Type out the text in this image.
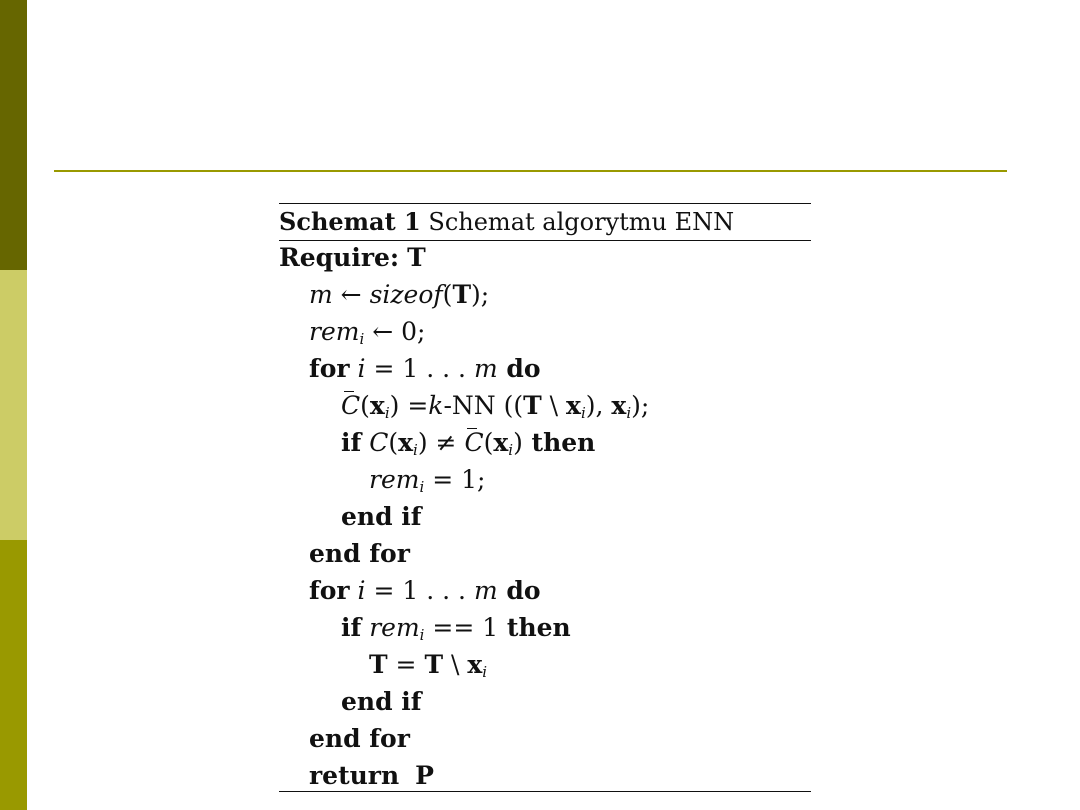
Schemat 1 Schemat algorytmu ENN
Require: T
m ← sizeof(T);
rem$_i$ ← 0;
for i = 1 . . . m do
$C(x_i) =k-NN$ ((T \ $x_i$), $x_i$);
if $C(x_i) \ne C(x_i)$ then
rem$_i$ = 1;
end if
end for
for i = 1 . . . m do
if rem$_i$ == 1 then
T = T \ $x_i$
end if
end for
return P
